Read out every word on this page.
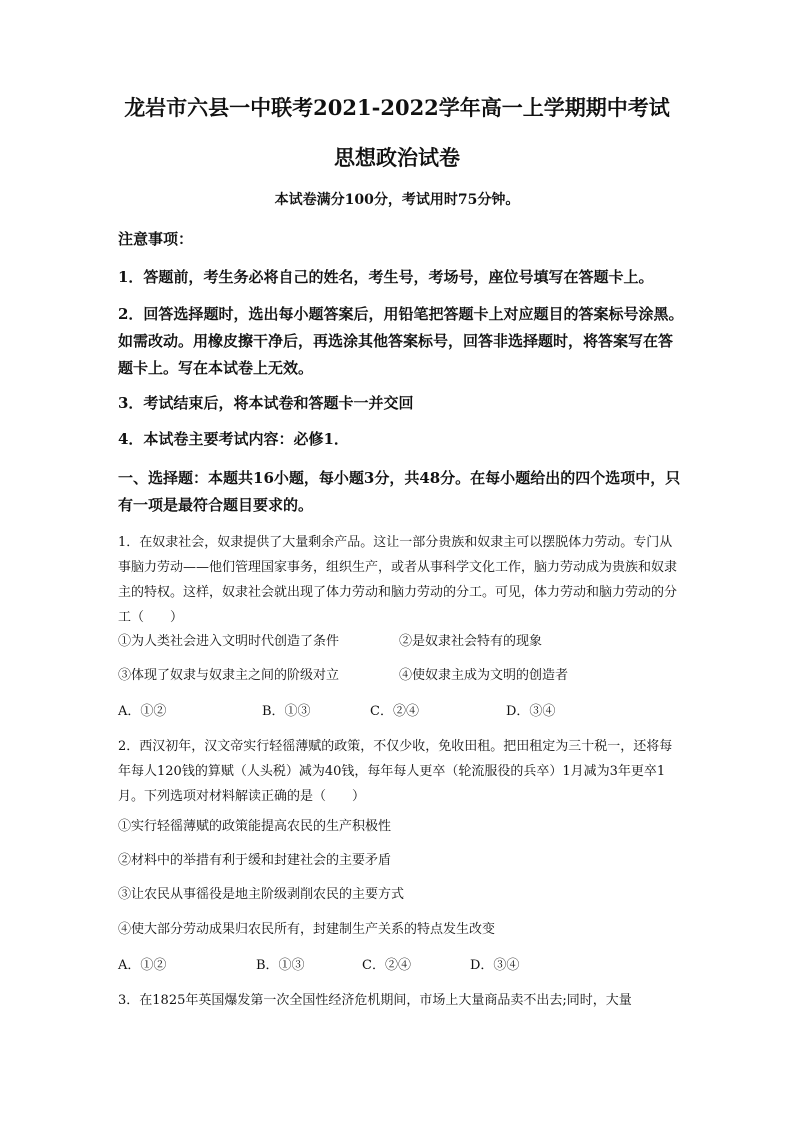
龙岩市六县一中联考2021-2022学年高一上学期期中考试
思想政治试卷
本试卷满分100分，考试用时75分钟。

注意事项：

1．答题前，考生务必将自己的姓名，考生号，考场号，座位号填写在答题卡上。

2．回答选择题时，选出每小题答案后，用铅笔把答题卡上对应题目的答案标号涂黑。如需改动。用橡皮擦干净后，再选涂其他答案标号，回答非选择题时，将答案写在答题卡上。写在本试卷上无效。

3．考试结束后，将本试卷和答题卡一并交回

4．本试卷主要考试内容：必修1．

一、选择题：本题共16小题，每小题3分，共48分。在每小题给出的四个选项中，只有一项是最符合题目要求的。

1．在奴隶社会，奴隶提供了大量剩余产品。这让一部分贵族和奴隶主可以摆脱体力劳动。专门从事脑力劳动——他们管理国家事务，组织生产，或者从事科学文化工作，脑力劳动成为贵族和奴隶主的特权。这样，奴隶社会就出现了体力劳动和脑力劳动的分工。可见，体力劳动和脑力劳动的分工（　　）

①为人类社会进入文明时代创造了条件	②是奴隶社会特有的现象
③体现了奴隶与奴隶主之间的阶级对立	④使奴隶主成为文明的创造者
A．①②	B．①③	C．②④	D．③④

2．西汉初年，汉文帝实行轻徭薄赋的政策，不仅少收，免收田租。把田租定为三十税一，还将每年每人120钱的算赋（人头税）减为40钱，每年每人更卒（轮流服役的兵卒）1月减为3年更卒1月。下列选项对材料解读正确的是（　　）

①实行轻徭薄赋的政策能提高农民的生产积极性
②材料中的举措有利于缓和封建社会的主要矛盾
③让农民从事徭役是地主阶级剥削农民的主要方式
④使大部分劳动成果归农民所有，封建制生产关系的特点发生改变
A．①②	B．①③	C．②④	D．③④

3．在1825年英国爆发第一次全国性经济危机期间，市场上大量商品卖不出去;同时，大量
